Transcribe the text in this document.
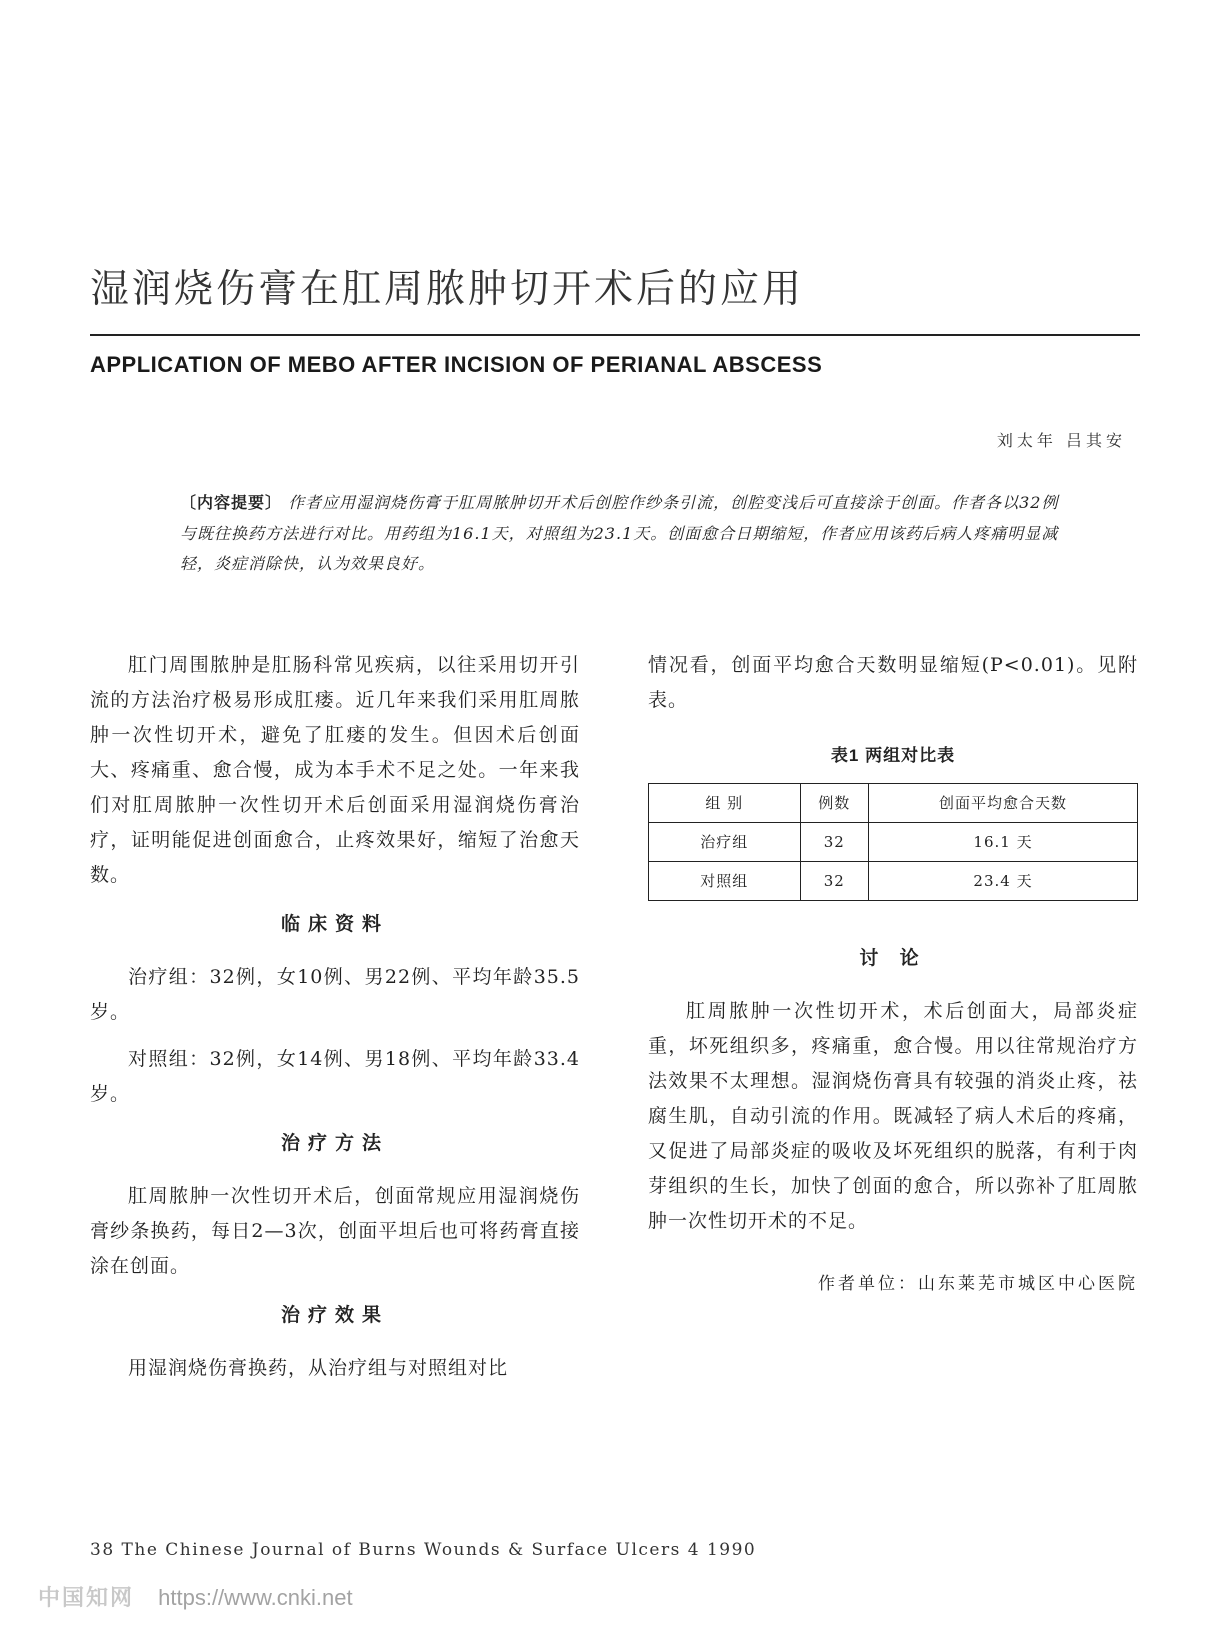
湿润烧伤膏在肛周脓肿切开术后的应用
APPLICATION OF MEBO AFTER INCISION OF PERIANAL ABSCESS
刘太年 吕其安
〔内容提要〕 作者应用湿润烧伤膏于肛周脓肿切开术后创腔作纱条引流，创腔变浅后可直接涂于创面。作者各以32例与既往换药方法进行对比。用药组为16.1天，对照组为23.1天。创面愈合日期缩短，作者应用该药后病人疼痛明显减轻，炎症消除快，认为效果良好。

肛门周围脓肿是肛肠科常见疾病，以往采用切开引流的方法治疗极易形成肛瘘。近几年来我们采用肛周脓肿一次性切开术，避免了肛瘘的发生。但因术后创面大、疼痛重、愈合慢，成为本手术不足之处。一年来我们对肛周脓肿一次性切开术后创面采用湿润烧伤膏治疗，证明能促进创面愈合，止疼效果好，缩短了治愈天数。

临床资料

治疗组：32例，女10例、男22例、平均年龄35.5岁。

对照组：32例，女14例、男18例、平均年龄33.4岁。

治疗方法

肛周脓肿一次性切开术后，创面常规应用湿润烧伤膏纱条换药，每日2—3次，创面平坦后也可将药膏直接涂在创面。

治疗效果

用湿润烧伤膏换药，从治疗组与对照组对比

情况看，创面平均愈合天数明显缩短(P<0.01)。见附表。

表1 两组对比表
组 别	例数	创面平均愈合天数
治疗组	32	16.1 天
对照组	32	23.4 天
讨 论

肛周脓肿一次性切开术，术后创面大，局部炎症重，坏死组织多，疼痛重，愈合慢。用以往常规治疗方法效果不太理想。湿润烧伤膏具有较强的消炎止疼，祛腐生肌，自动引流的作用。既减轻了病人术后的疼痛，又促进了局部炎症的吸收及坏死组织的脱落，有利于肉芽组织的生长，加快了创面的愈合，所以弥补了肛周脓肿一次性切开术的不足。

作者单位：山东莱芜市城区中心医院
38 The Chinese Journal of Burns Wounds & Surface Ulcers 4 1990
中国知网 https://www.cnki.net
